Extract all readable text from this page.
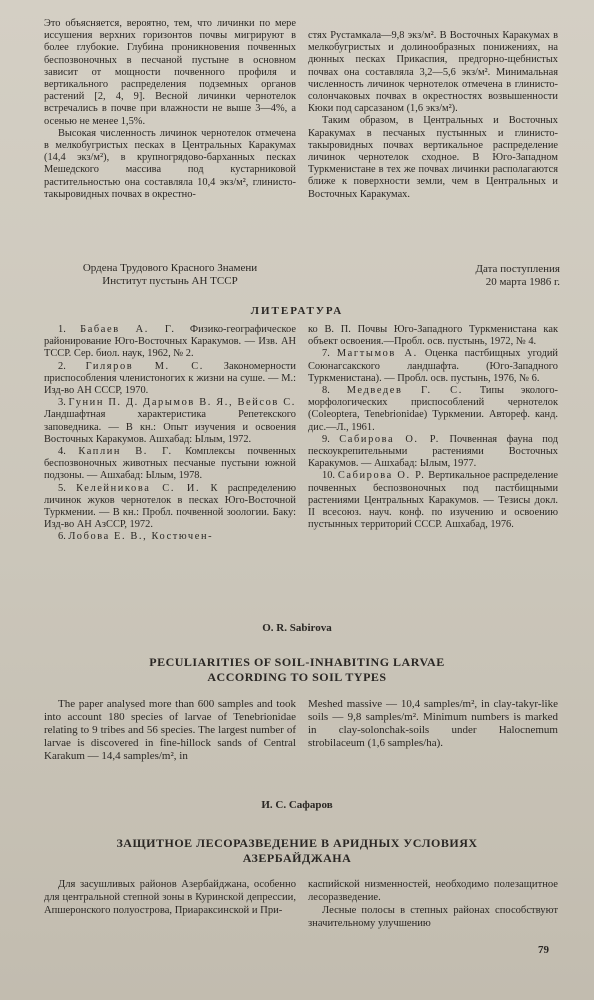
Это объясняется, вероятно, тем, что личинки по мере иссушения верхних горизонтов почвы мигрируют в более глубокие. Глубина проникновения почвенных беспозвоночных в песчаной пустыне в основном зависит от мощности почвенного профиля и вертикального распределения подземных органов растений [2, 4, 9]. Весной личинки чернотелок встречались в почве при влажности не выше 3—4%, а осенью не менее 1,5%.

Высокая численность личинок чернотелок отмечена в мелкобугристых песках в Центральных Каракумах (14,4 экз/м²), в крупногрядово-барханных песках Мешедского массива под кустарниковой растительностью она составляла 10,4 экз/м², глинисто-такыровидных почвах в окрестно-

стях Рустамкала—9,8 экз/м². В Восточных Каракумах в мелкобугристых и долинообразных понижениях, на дюнных песках Прикаспия, предгорно-щебнистых почвах она составляла 3,2—5,6 экз/м². Минимальная численность личинок чернотелок отмечена в глинисто-солончаковых почвах в окрестностях возвышенности Кюки под сарсазаном (1,6 экз/м²).

Таким образом, в Центральных и Восточных Каракумах в песчаных пустынных и глинисто-такыровидных почвах вертикальное распределение личинок чернотелок сходное. В Юго-Западном Туркменистане в тех же почвах личинки располагаются ближе к поверхности земли, чем в Центральных и Восточных Каракумах.

Ордена Трудового Красного Знамени
Институт пустынь АН ТССР
Дата поступления
20 марта 1986 г.
ЛИТЕРАТУРА

1. Бабаев А. Г. Физико-географическое районирование Юго-Восточных Каракумов. — Изв. АН ТССР. Сер. биол. наук, 1962, № 2.

2. Гиляров М. С. Закономерности приспособления членистоногих к жизни на суше. — М.: Изд-во АН СССР, 1970.

3. Гунин П. Д. Дарымов В. Я., Вейсов С. Ландшафтная характеристика Репетекского заповедника. — В кн.: Опыт изучения и освоения Восточных Каракумов. Ашхабад: Ылым, 1972.

4. Каплин В. Г. Комплексы почвенных беспозвоночных животных песчаные пустыни южной подзоны. — Ашхабад: Ылым, 1978.

5. Келейникова С. И. К распределению личинок жуков чернотелок в песках Юго-Восточной Туркмении. — В кн.: Пробл. почвенной зоологии. Баку: Изд-во АН АзССР, 1972.

6. Лобова Е. В., Костючен-

ко В. П. Почвы Юго-Западного Туркменистана как объект освоения.—Пробл. осв. пустынь, 1972, № 4.

7. Магтымов А. Оценка пастбищных угодий Союнагсакского ландшафта. (Юго-Западного Туркменистана). — Пробл. осв. пустынь, 1976, № 6.

8. Медведев Г. С. Типы эколого-морфологических приспособлений чернотелок (Coleoptera, Tenebrionidae) Туркмении. Автореф. канд. дис.—Л., 1961.

9. Сабирова О. Р. Почвенная фауна под пескоукрепительными растениями Восточных Каракумов. — Ашхабад: Ылым, 1977.

10. Сабирова О. Р. Вертикальное распределение почвенных беспозвоночных под пастбищными растениями Центральных Каракумов. — Тезисы докл. II всесоюз. науч. конф. по изучению и освоению пустынных территорий СССР. Ашхабад, 1976.

O. R. Sabirova
PECULIARITIES OF SOIL-INHABITING LARVAE
ACCORDING TO SOIL TYPES

The paper analysed more than 600 samples and took into account 180 species of larvae of Tenebrionidae relating to 9 tribes and 56 species. The largest number of larvae is discovered in fine-hillock sands of Central Karakum — 14,4 samples/m², in

Meshed massive — 10,4 samples/m², in clay-takyr-like soils — 9,8 samples/m². Minimum numbers is marked in clay-solonchak-soils under Halocnemum strobilaceum (1,6 samples/ha).

И. С. Сафаров
ЗАЩИТНОЕ ЛЕСОРАЗВЕДЕНИЕ В АРИДНЫХ УСЛОВИЯХ
АЗЕРБАЙДЖАНА

Для засушливых районов Азербайджана, особенно для центральной степной зоны в Куринской депрессии, Апшеронского полуострова, Приараксинской и При-

каспийской низменностей, необходимо полезащитное лесоразведение.

Лесные полосы в степных районах способствуют значительному улучшению

79
